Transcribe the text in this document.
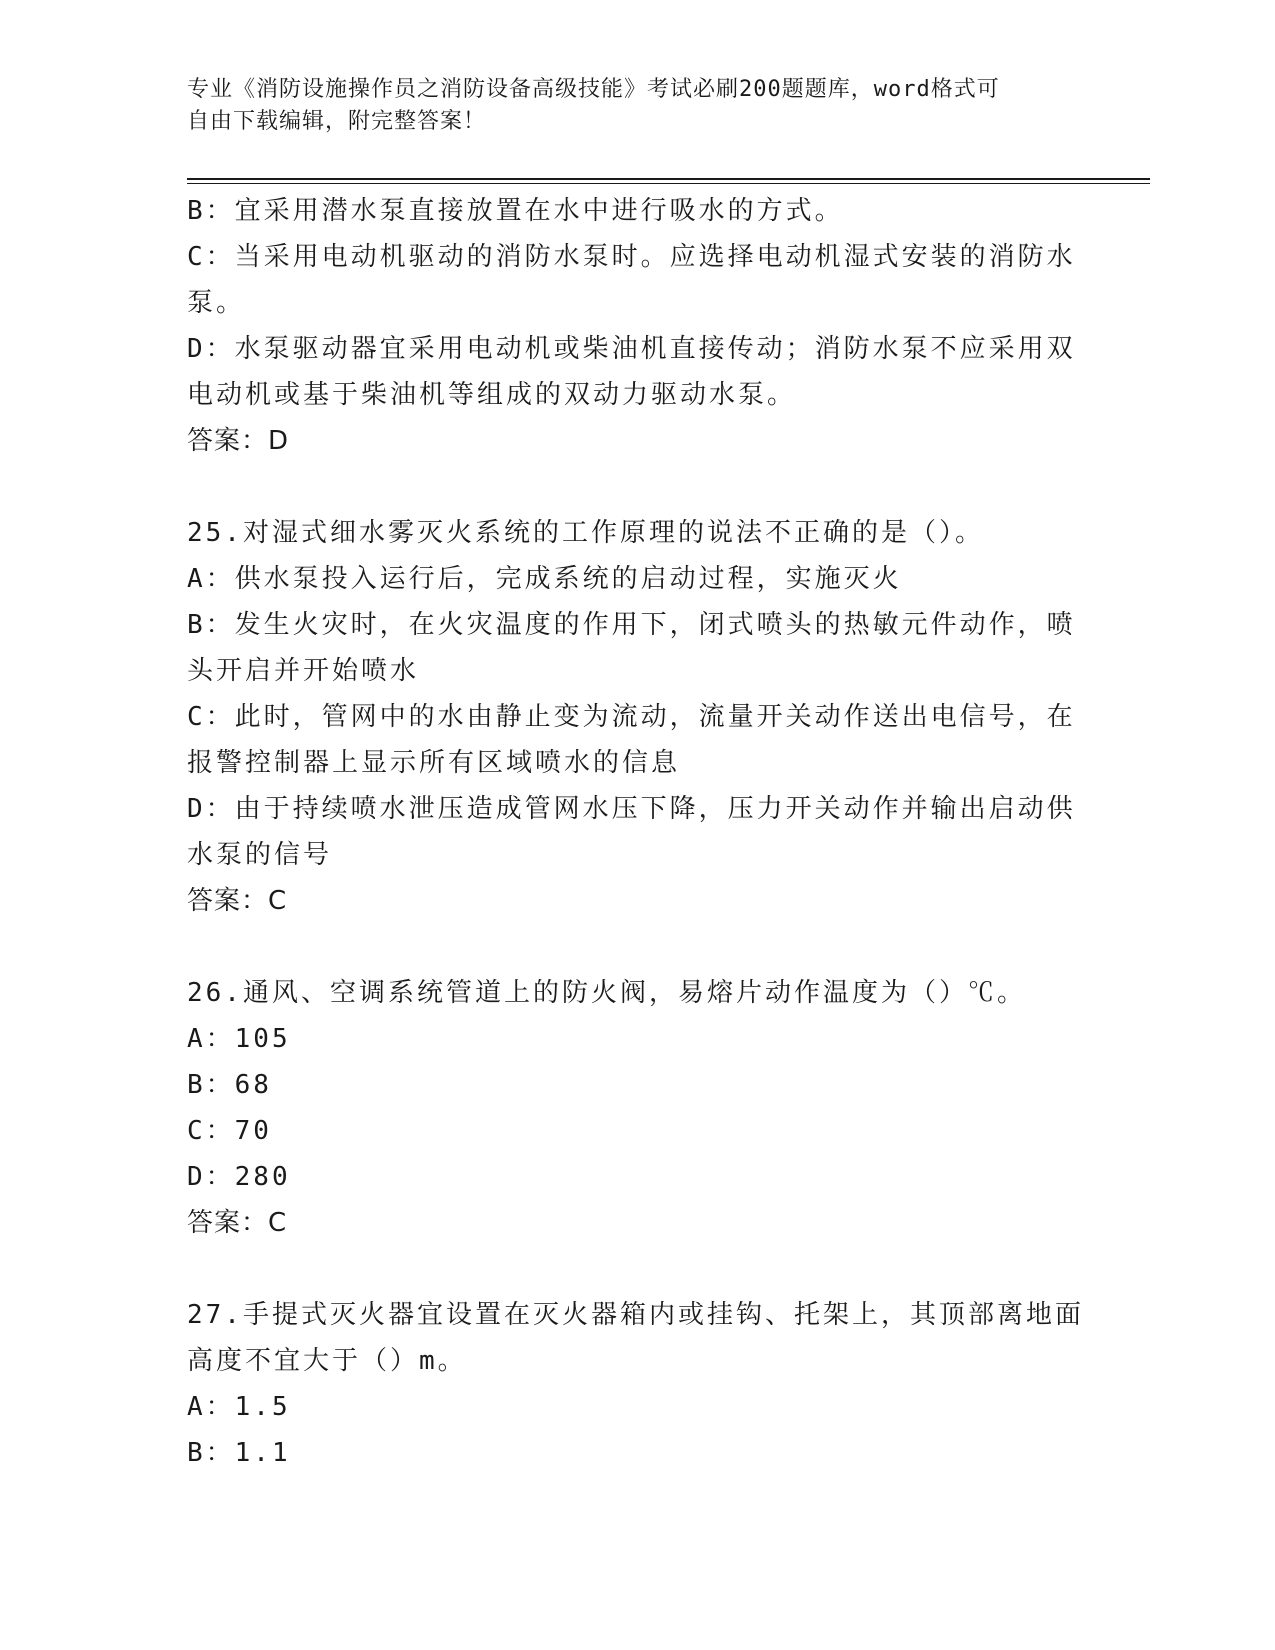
专业《消防设施操作员之消防设备高级技能》考试必刷200题题库，word格式可
自由下载编辑，附完整答案！
B：宜采用潜水泵直接放置在水中进行吸水的方式。
C：当采用电动机驱动的消防水泵时。应选择电动机湿式安装的消防水
泵。
D：水泵驱动器宜采用电动机或柴油机直接传动；消防水泵不应采用双
电动机或基于柴油机等组成的双动力驱动水泵。
答案：D
25.对湿式细水雾灭火系统的工作原理的说法不正确的是（）。
A：供水泵投入运行后，完成系统的启动过程，实施灭火
B：发生火灾时，在火灾温度的作用下，闭式喷头的热敏元件动作，喷
头开启并开始喷水
C：此时，管网中的水由静止变为流动，流量开关动作送出电信号，在
报警控制器上显示所有区域喷水的信息
D：由于持续喷水泄压造成管网水压下降，压力开关动作并输出启动供
水泵的信号
答案：C
26.通风、空调系统管道上的防火阀，易熔片动作温度为（）℃。
A：105
B：68
C：70
D：280
答案：C
27.手提式灭火器宜设置在灭火器箱内或挂钩、托架上，其顶部离地面
高度不宜大于（）m。
A：1.5
B：1.1
